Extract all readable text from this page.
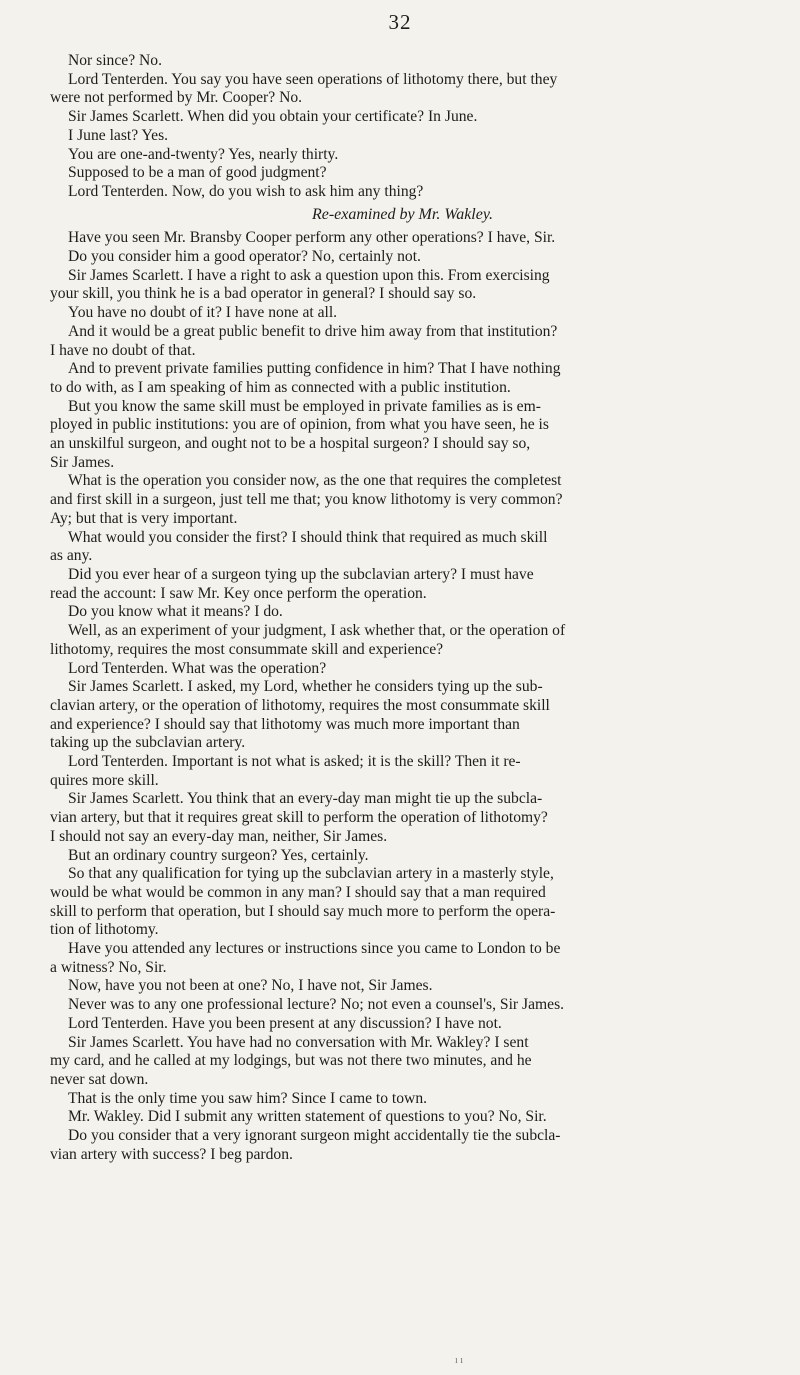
32
Nor since? No.
Lord Tenterden. You say you have seen operations of lithotomy there, but they
were not performed by Mr. Cooper? No.
Sir James Scarlett. When did you obtain your certificate? In June.
I June last? Yes.
You are one-and-twenty? Yes, nearly thirty.
Supposed to be a man of good judgment?
Lord Tenterden. Now, do you wish to ask him any thing?
Re-examined by Mr. Wakley.
Have you seen Mr. Bransby Cooper perform any other operations? I have, Sir.
Do you consider him a good operator? No, certainly not.
Sir James Scarlett. I have a right to ask a question upon this. From exercising
your skill, you think he is a bad operator in general? I should say so.
You have no doubt of it? I have none at all.
And it would be a great public benefit to drive him away from that institution?
I have no doubt of that.
And to prevent private families putting confidence in him? That I have nothing
to do with, as I am speaking of him as connected with a public institution.
But you know the same skill must be employed in private families as is em-
ployed in public institutions: you are of opinion, from what you have seen, he is
an unskilful surgeon, and ought not to be a hospital surgeon? I should say so,
Sir James.
What is the operation you consider now, as the one that requires the completest
and first skill in a surgeon, just tell me that; you know lithotomy is very common?
Ay; but that is very important.
What would you consider the first? I should think that required as much skill
as any.
Did you ever hear of a surgeon tying up the subclavian artery? I must have
read the account: I saw Mr. Key once perform the operation.
Do you know what it means? I do.
Well, as an experiment of your judgment, I ask whether that, or the operation of
lithotomy, requires the most consummate skill and experience?
Lord Tenterden. What was the operation?
Sir James Scarlett. I asked, my Lord, whether he considers tying up the sub-
clavian artery, or the operation of lithotomy, requires the most consummate skill
and experience? I should say that lithotomy was much more important than
taking up the subclavian artery.
Lord Tenterden. Important is not what is asked; it is the skill? Then it re-
quires more skill.
Sir James Scarlett. You think that an every-day man might tie up the subcla-
vian artery, but that it requires great skill to perform the operation of lithotomy?
I should not say an every-day man, neither, Sir James.
But an ordinary country surgeon? Yes, certainly.
So that any qualification for tying up the subclavian artery in a masterly style,
would be what would be common in any man? I should say that a man required
skill to perform that operation, but I should say much more to perform the opera-
tion of lithotomy.
Have you attended any lectures or instructions since you came to London to be
a witness? No, Sir.
Now, have you not been at one? No, I have not, Sir James.
Never was to any one professional lecture? No; not even a counsel's, Sir James.
Lord Tenterden. Have you been present at any discussion? I have not.
Sir James Scarlett. You have had no conversation with Mr. Wakley? I sent
my card, and he called at my lodgings, but was not there two minutes, and he
never sat down.
That is the only time you saw him? Since I came to town.
Mr. Wakley. Did I submit any written statement of questions to you? No, Sir.
Do you consider that a very ignorant surgeon might accidentally tie the subcla-
vian artery with success? I beg pardon.
ı ı
